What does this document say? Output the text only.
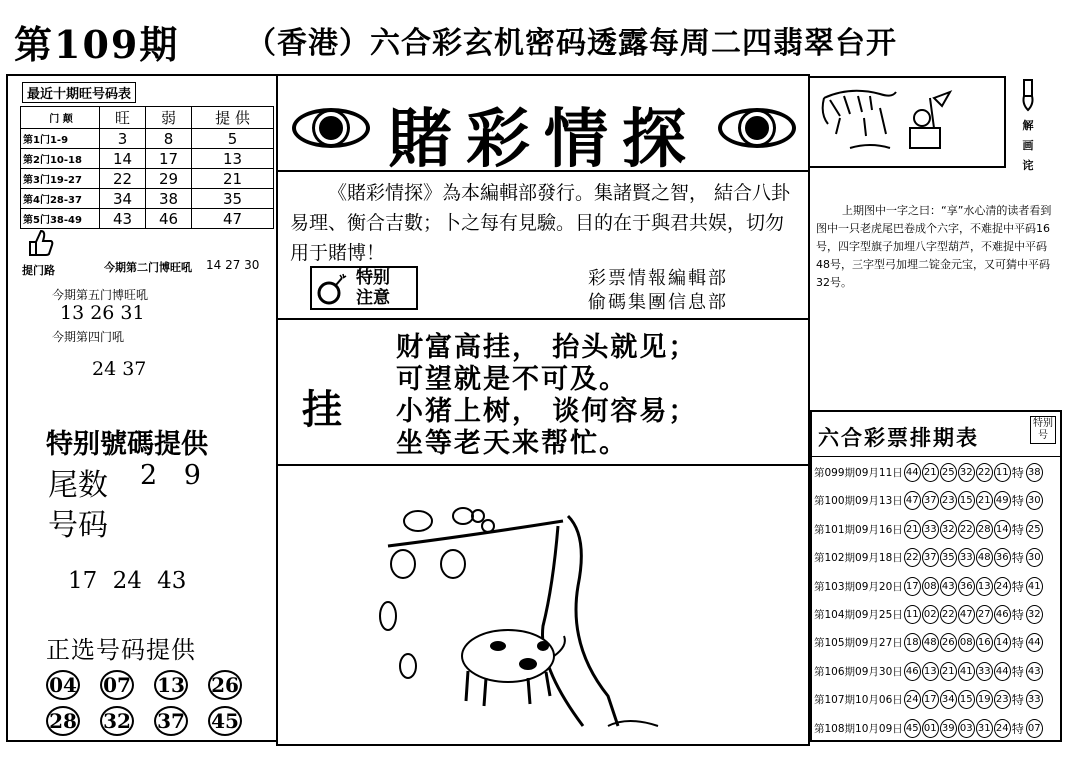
第109期 （香港）六合彩玄机密码透露每周二四翡翠台开
最近十期旺号码表
门 颠	旺	弱	提 供
第1门1-9	3	8	5
第2门10-18	14	17	13
第3门19-27	22	29	21
第4门28-37	34	38	35
第5门38-49	43	46	47
提门路	今期第二门博旺吼 14 27 30
今期第五门博旺吼
13 26 31
今期第四门吼
24 37
特别號碼提供
尾数 2 9
号码
17 24 43
正选号码提供
04 07 13 26
28 32 37 45
賭彩情探
《賭彩情探》為本編輯部發行。集諸賢之智， 結合八卦易理、衡合吉數；卜之每有見驗。目的在于與君共娱，切勿用于賭博！
特别
注意
彩票情報編輯部
偷碼集團信息部
挂
财富高挂， 抬头就见；
可望就是不可及。
小猪上树， 谈何容易；
坐等老天来帮忙。
解 画 诧
上期图中一字之曰：“享”水心清的读者看到图中一只老虎尾巴卷成个六字，不难捉中平码16号，四字型旗子加埋八字型葫芦，不难捉中平码48号，三字型弓加埋二锭金元宝，又可猜中平码32号。
六合彩票排期表
特别号
第099期09月11日 44 21 25 32 22 11 特 38
第100期09月13日 47 37 23 15 21 49 特 30
第101期09月16日 21 33 32 22 28 14 特 25
第102期09月18日 22 37 35 33 48 36 特 30
第103期09月20日 17 08 43 36 13 24 特 41
第104期09月25日 11 02 22 47 27 46 特 32
第105期09月27日 18 48 26 08 16 14 特 44
第106期09月30日 46 13 21 41 33 44 特 43
第107期10月06日 24 17 34 15 19 23 特 33
第108期10月09日 45 01 39 03 31 24 特 07
